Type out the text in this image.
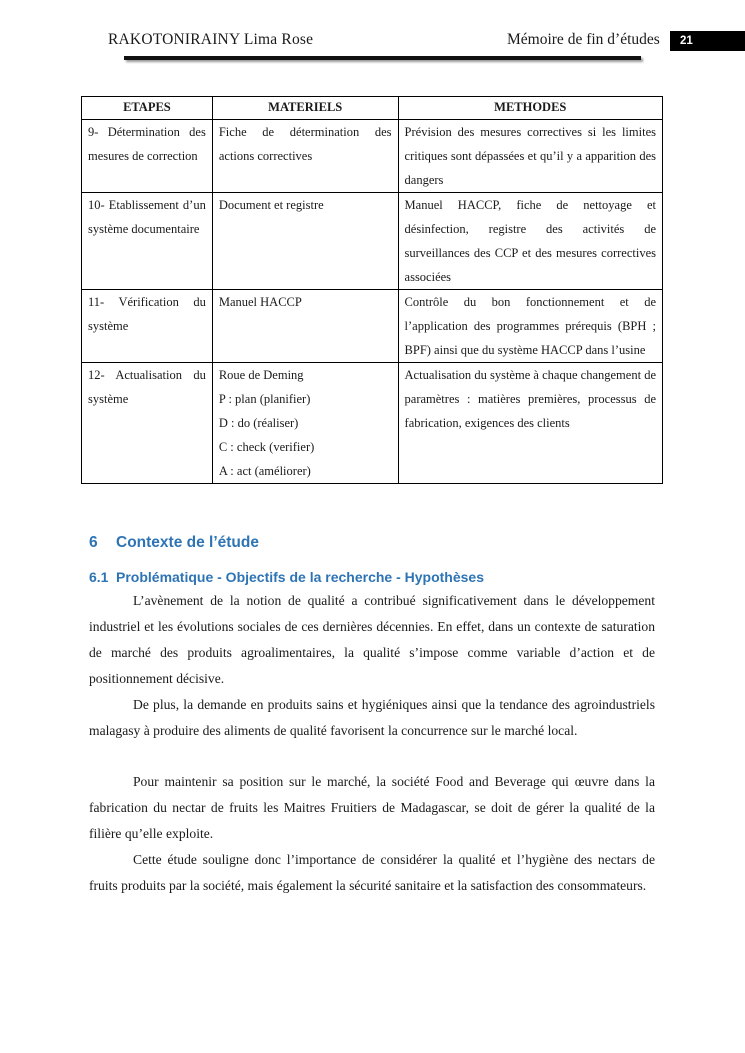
RAKOTONIRAINY Lima Rose	Mémoire de fin d’études	21
ETAPES	MATERIELS	METHODES
9- Détermination des mesures de correction	Fiche de détermination des actions correctives	Prévision des mesures correctives si les limites critiques sont dépassées et qu’il y a apparition des dangers
10- Etablissement d’un système documentaire	Document et registre	Manuel HACCP, fiche de nettoyage et désinfection, registre des activités de surveillances des CCP et des mesures correctives associées
11- Vérification du système	Manuel HACCP	Contrôle du bon fonctionnement et de l’application des programmes prérequis (BPH ; BPF) ainsi que du système HACCP dans l’usine
12- Actualisation du système	Roue de Deming
P : plan (planifier)
D : do (réaliser)
C : check (verifier)
A : act (améliorer)	Actualisation du système à chaque changement de paramètres : matières premières, processus de fabrication, exigences des clients
6 Contexte de l’étude
6.1 Problématique - Objectifs de la recherche - Hypothèses
L’avènement de la notion de qualité a contribué significativement dans le développement industriel et les évolutions sociales de ces dernières décennies. En effet, dans un contexte de saturation de marché des produits agroalimentaires, la qualité s’impose comme variable d’action et de positionnement décisive.
De plus, la demande en produits sains et hygiéniques ainsi que la tendance des agroindustriels malagasy à produire des aliments de qualité favorisent la concurrence sur le marché local.
Pour maintenir sa position sur le marché, la société Food and Beverage qui œuvre dans la fabrication du nectar de fruits les Maitres Fruitiers de Madagascar, se doit de gérer la qualité de la filière qu’elle exploite.
Cette étude souligne donc l’importance de considérer la qualité et l’hygiène des nectars de fruits produits par la société, mais également la sécurité sanitaire et la satisfaction des consommateurs.
